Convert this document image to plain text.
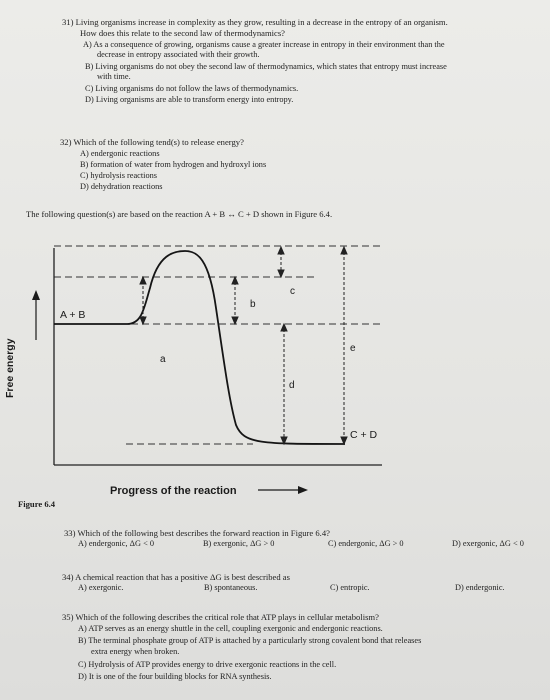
31) Living organisms increase in complexity as they grow, resulting in a decrease in the entropy of an organism.
How does this relate to the second law of thermodynamics?
A) As a consequence of growing, organisms cause a greater increase in entropy in their environment than the
decrease in entropy associated with their growth.
B) Living organisms do not obey the second law of thermodynamics, which states that entropy must increase
with time.
C) Living organisms do not follow the laws of thermodynamics.
D) Living organisms are able to transform energy into entropy.
32) Which of the following tend(s) to release energy?
A) endergonic reactions
B) formation of water from hydrogen and hydroxyl ions
C) hydrolysis reactions
D) dehydration reactions
The following question(s) are based on the reaction A + B ↔ C + D shown in Figure 6.4.
A + B
C + D
a
b
c
d
e
Free energy
Progress of the reaction
Figure 6.4
33) Which of the following best describes the forward reaction in Figure 6.4?
A) endergonic, ΔG < 0	B) exergonic, ΔG > 0	C) endergonic, ΔG > 0	D) exergonic, ΔG < 0
34) A chemical reaction that has a positive ΔG is best described as
A) exergonic.	B) spontaneous.	C) entropic.	D) endergonic.
35) Which of the following describes the critical role that ATP plays in cellular metabolism?
A) ATP serves as an energy shuttle in the cell, coupling exergonic and endergonic reactions.
B) The terminal phosphate group of ATP is attached by a particularly strong covalent bond that releases
extra energy when broken.
C) Hydrolysis of ATP provides energy to drive exergonic reactions in the cell.
D) It is one of the four building blocks for RNA synthesis.
